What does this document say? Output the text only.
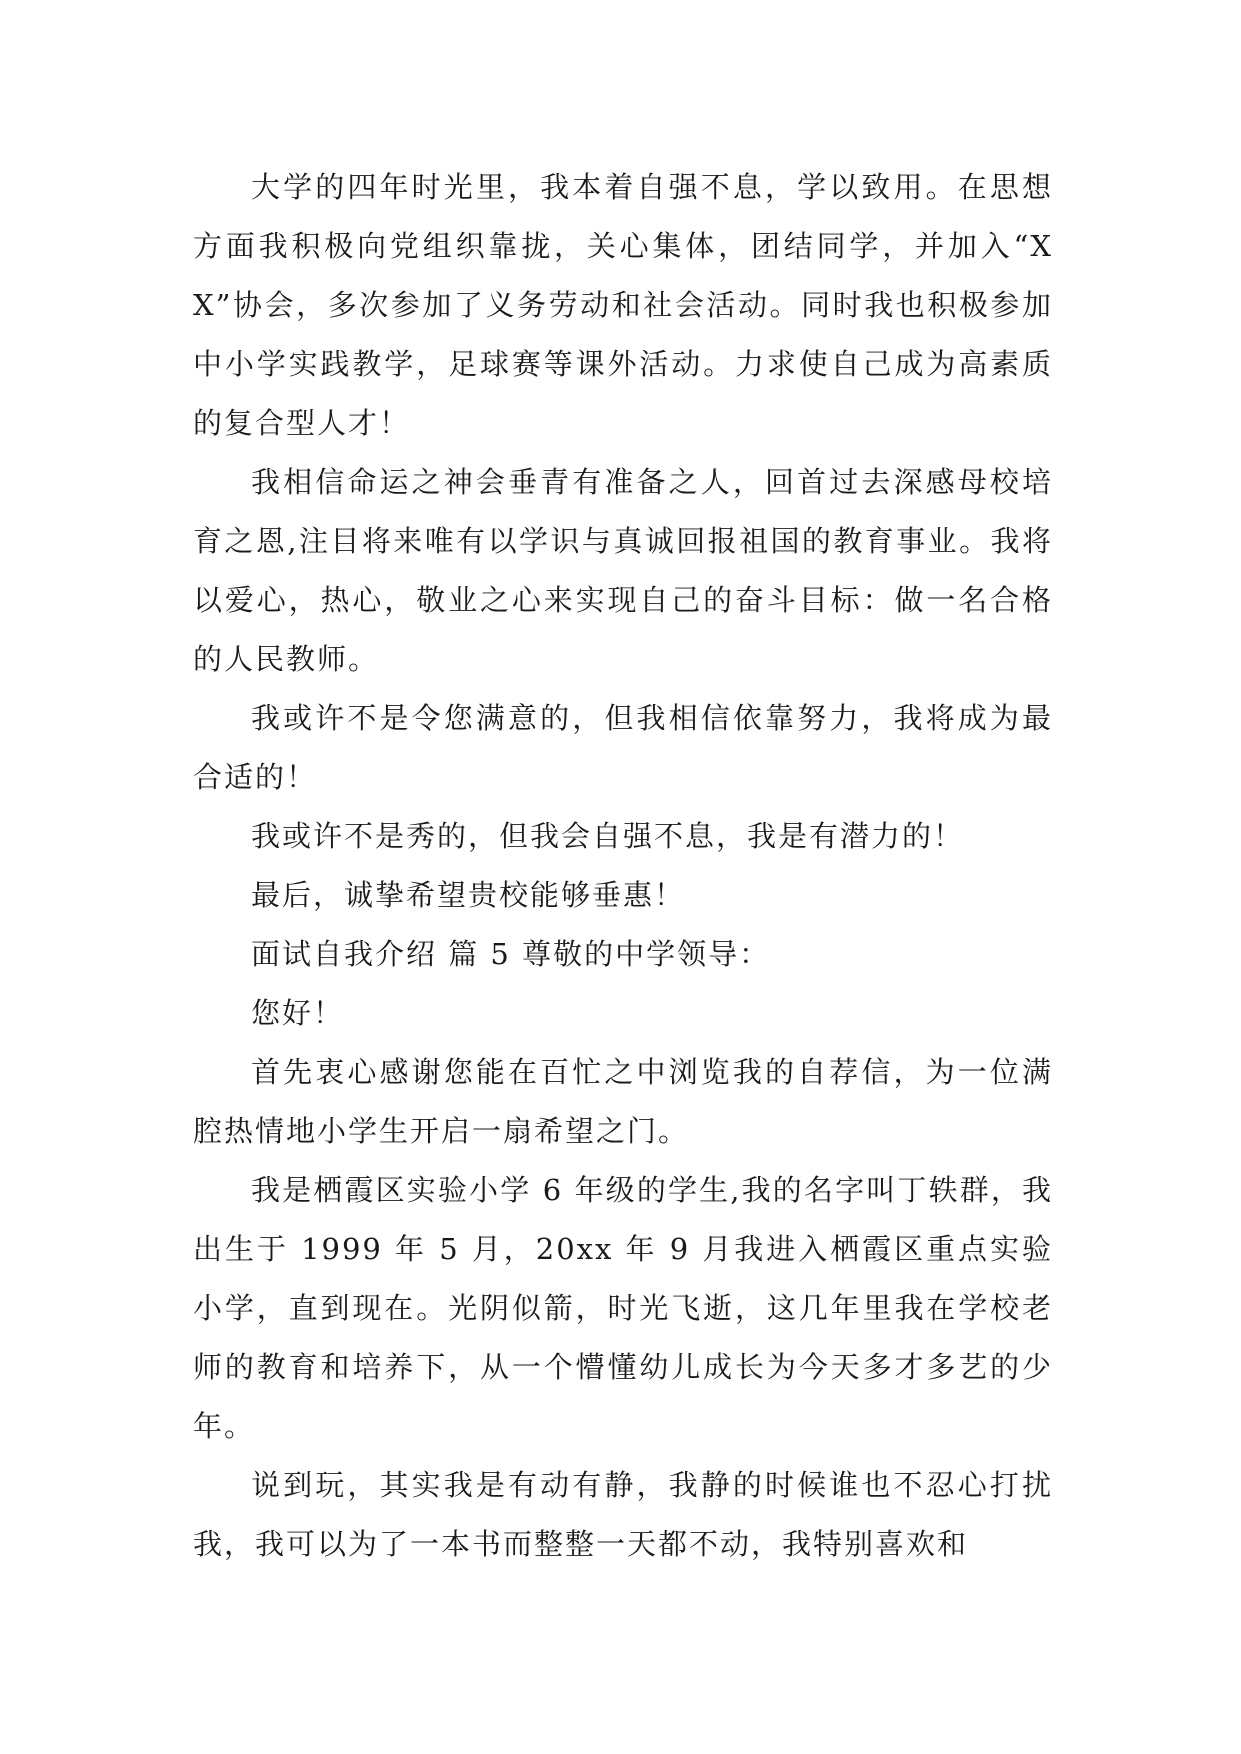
大学的四年时光里，我本着自强不息，学以致用。在思想方面我积极向党组织靠拢，关心集体，团结同学，并加入“XX”协会，多次参加了义务劳动和社会活动。同时我也积极参加中小学实践教学，足球赛等课外活动。力求使自己成为高素质的复合型人才！

我相信命运之神会垂青有准备之人，回首过去深感母校培育之恩,注目将来唯有以学识与真诚回报祖国的教育事业。我将以爱心，热心，敬业之心来实现自己的奋斗目标：做一名合格的人民教师。

我或许不是令您满意的，但我相信依靠努力，我将成为最合适的！

我或许不是秀的，但我会自强不息，我是有潜力的！

最后，诚挚希望贵校能够垂惠！

面试自我介绍 篇 5 尊敬的中学领导：

您好！

首先衷心感谢您能在百忙之中浏览我的自荐信，为一位满腔热情地小学生开启一扇希望之门。

我是栖霞区实验小学 6 年级的学生,我的名字叫丁轶群，我出生于 1999 年 5 月，20xx 年 9 月我进入栖霞区重点实验小学，直到现在。光阴似箭，时光飞逝，这几年里我在学校老师的教育和培养下，从一个懵懂幼儿成长为今天多才多艺的少年。

说到玩，其实我是有动有静，我静的时候谁也不忍心打扰我，我可以为了一本书而整整一天都不动，我特别喜欢和
